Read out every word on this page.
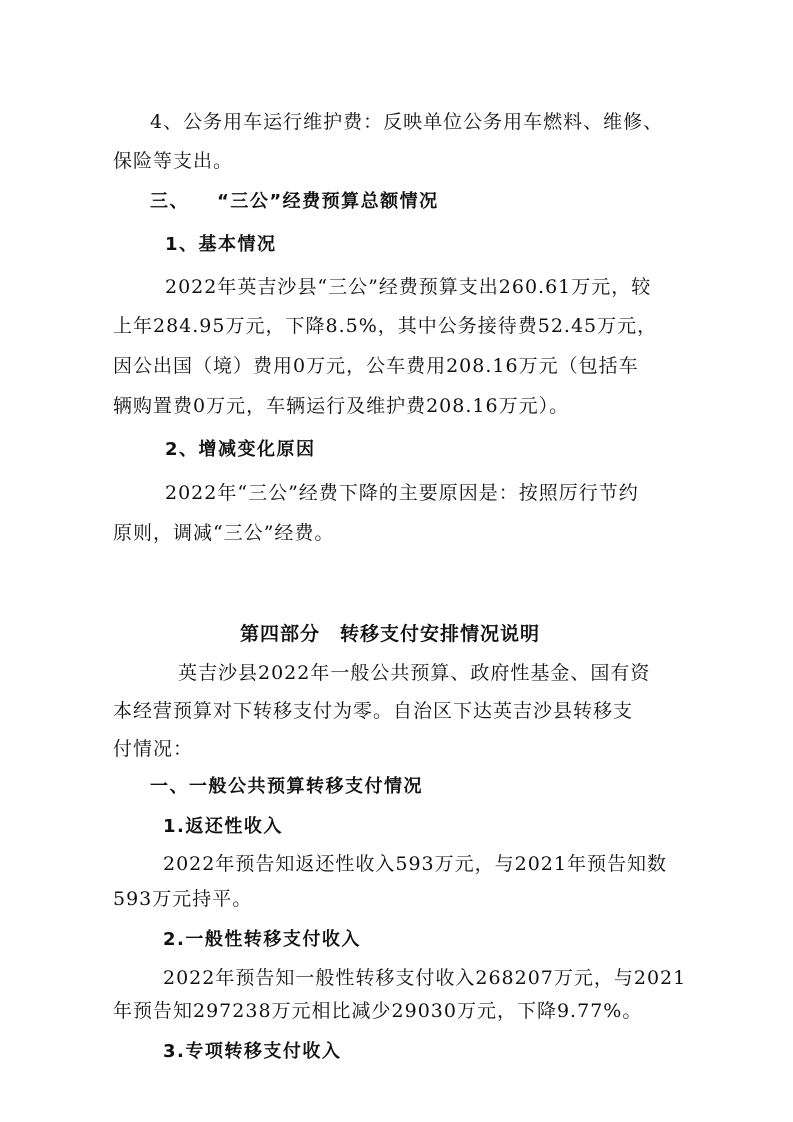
4、公务用车运行维护费：反映单位公务用车燃料、维修、
保险等支出。
三、 “三公”经费预算总额情况
1、基本情况
2022年英吉沙县“三公”经费预算支出260.61万元，较
上年284.95万元，下降8.5%，其中公务接待费52.45万元，
因公出国（境）费用0万元，公车费用208.16万元（包括车
辆购置费0万元，车辆运行及维护费208.16万元）。
2、增减变化原因
2022年“三公”经费下降的主要原因是：按照厉行节约
原则，调减“三公”经费。
第四部分 转移支付安排情况说明
英吉沙县2022年一般公共预算、政府性基金、国有资
本经营预算对下转移支付为零。自治区下达英吉沙县转移支
付情况：
一、一般公共预算转移支付情况
1.返还性收入
2022年预告知返还性收入593万元，与2021年预告知数
593万元持平。
2.一般性转移支付收入
2022年预告知一般性转移支付收入268207万元，与2021
年预告知297238万元相比减少29030万元，下降9.77%。
3.专项转移支付收入
